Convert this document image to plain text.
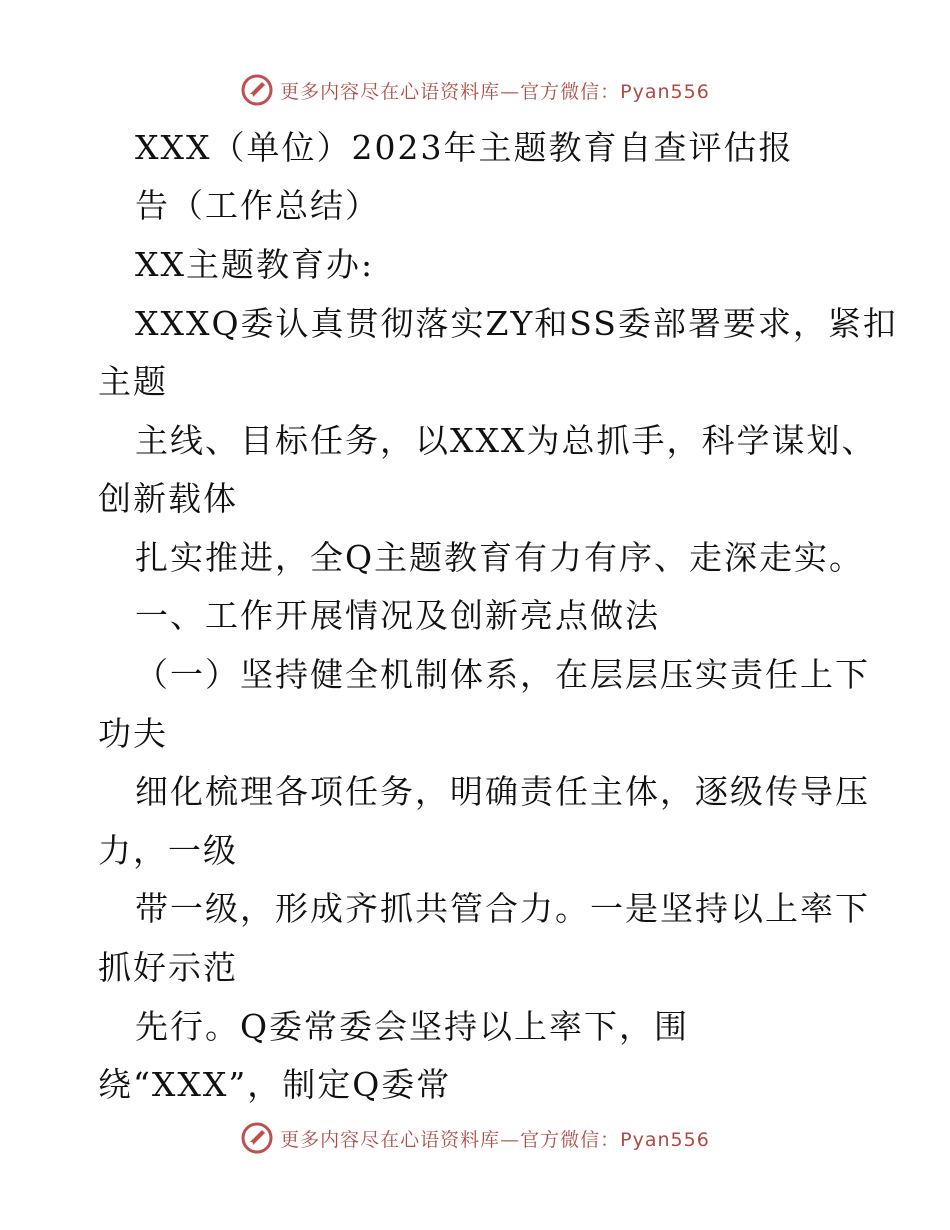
更多内容尽在心语资料库—官方微信：Pyan556
XXX（单位）2023年主题教育自查评估报
告（工作总结）
XX主题教育办:
XXXQ委认真贯彻落实ZY和SS委部署要求，紧扣
主题
主线、目标任务，以XXX为总抓手，科学谋划、
创新载体
扎实推进，全Q主题教育有力有序、走深走实。
一、工作开展情况及创新亮点做法
（一）坚持健全机制体系，在层层压实责任上下
功夫
细化梳理各项任务，明确责任主体，逐级传导压
力，一级
带一级，形成齐抓共管合力。一是坚持以上率下
抓好示范
先行。Q委常委会坚持以上率下，围
绕“XXX”，制定Q委常
更多内容尽在心语资料库—官方微信：Pyan556
